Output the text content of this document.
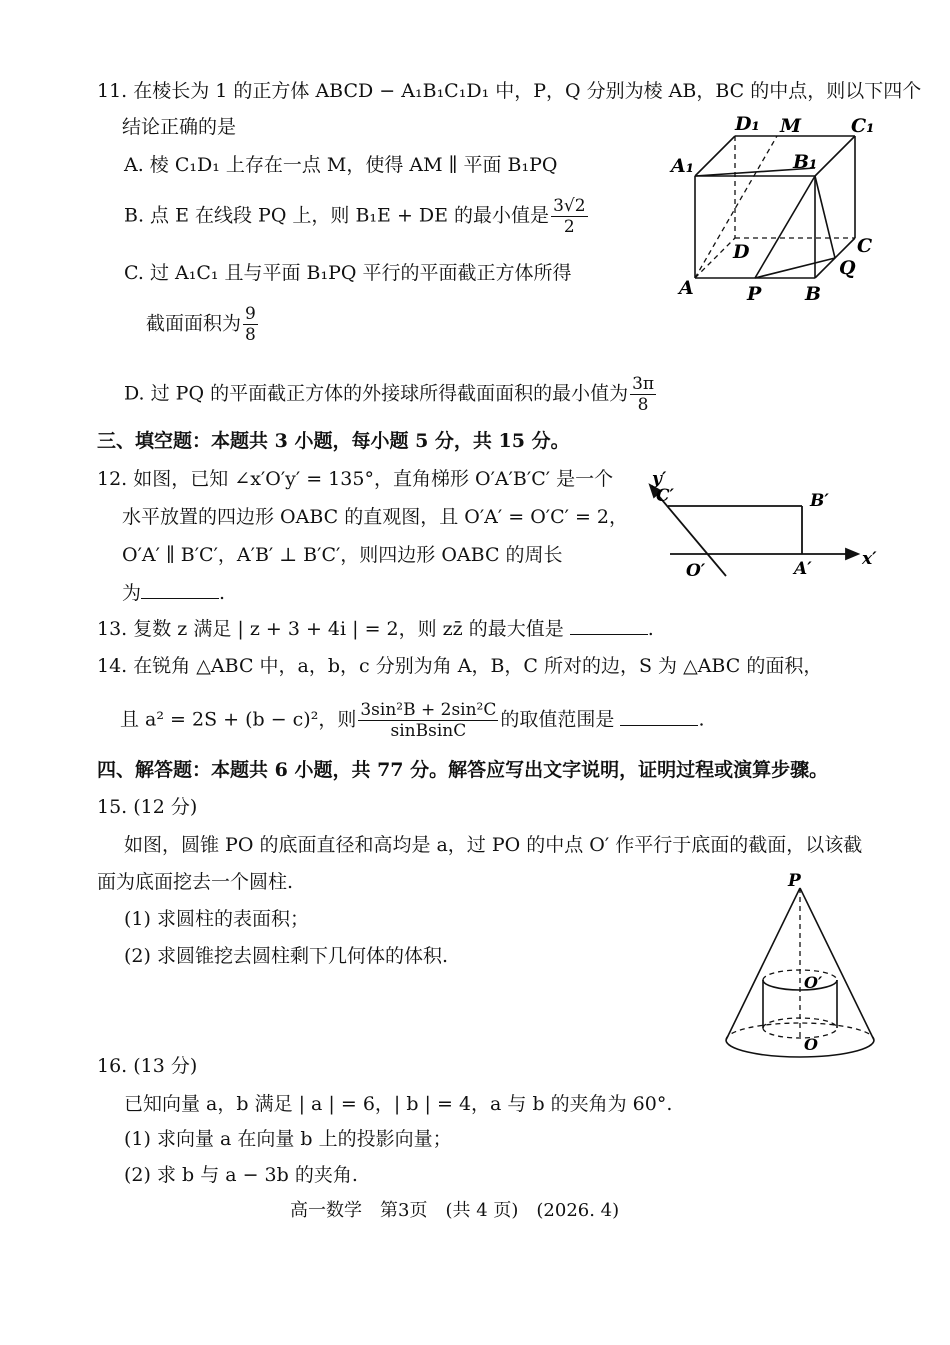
11. 在棱长为 1 的正方体 ABCD − A₁B₁C₁D₁ 中，P，Q 分别为棱 AB，BC 的中点，则以下四个
结论正确的是
A. 棱 C₁D₁ 上存在一点 M，使得 AM ∥ 平面 B₁PQ
B. 点 E 在线段 PQ 上，则 B₁E + DE 的最小值是 $\frac{3√2}{2}$
C. 过 A₁C₁ 且与平面 B₁PQ 平行的平面截正方体所得
截面面积为 $\frac{9}{8}$
D. 过 PQ 的平面截正方体的外接球所得截面面积的最小值为 $\frac{3\pi}{8}$
D₁ M	C₁
A₁	B₁
D	C
A	P B
Q
三、填空题：本题共 3 小题，每小题 5 分，共 15 分。
12. 如图，已知 ∠x′O′y′ = 135°，直角梯形 O′A′B′C′ 是一个
水平放置的四边形 OABC 的直观图，且 O′A′ = O′C′ = 2，
O′A′ ∥ B′C′，A′B′ ⊥ B′C′，则四边形 OABC 的周长
为	.
y′
C′	B′
O′	A′	x′
13. 复数 z 满足 | z + 3 + 4i | = 2，则 zz̄ 的最大值是	.
14. 在锐角 △ABC 中，a，b，c 分别为角 A，B，C 所对的边，S 为 △ABC 的面积，
且 a² = 2S + (b − c)²，则 $\frac{\text{3sin²B + 2sin²C}}{\text{sinBsinC}}$ 的取值范围是	.
四、解答题：本题共 6 小题，共 77 分。解答应写出文字说明，证明过程或演算步骤。
15. (12 分)
如图，圆锥 PO 的底面直径和高均是 a，过 PO 的中点 O′ 作平行于底面的截面，以该截
面为底面挖去一个圆柱.
(1) 求圆柱的表面积；
(2) 求圆锥挖去圆柱剩下几何体的体积.
P
O′
O
16. (13 分)
已知向量 a，b 满足 | a | = 6，| b | = 4，a 与 b 的夹角为 60°.
(1) 求向量 a 在向量 b 上的投影向量；
(2) 求 b 与 a − 3b 的夹角.
高一数学　第3页　(共 4 页)　(2026. 4)
